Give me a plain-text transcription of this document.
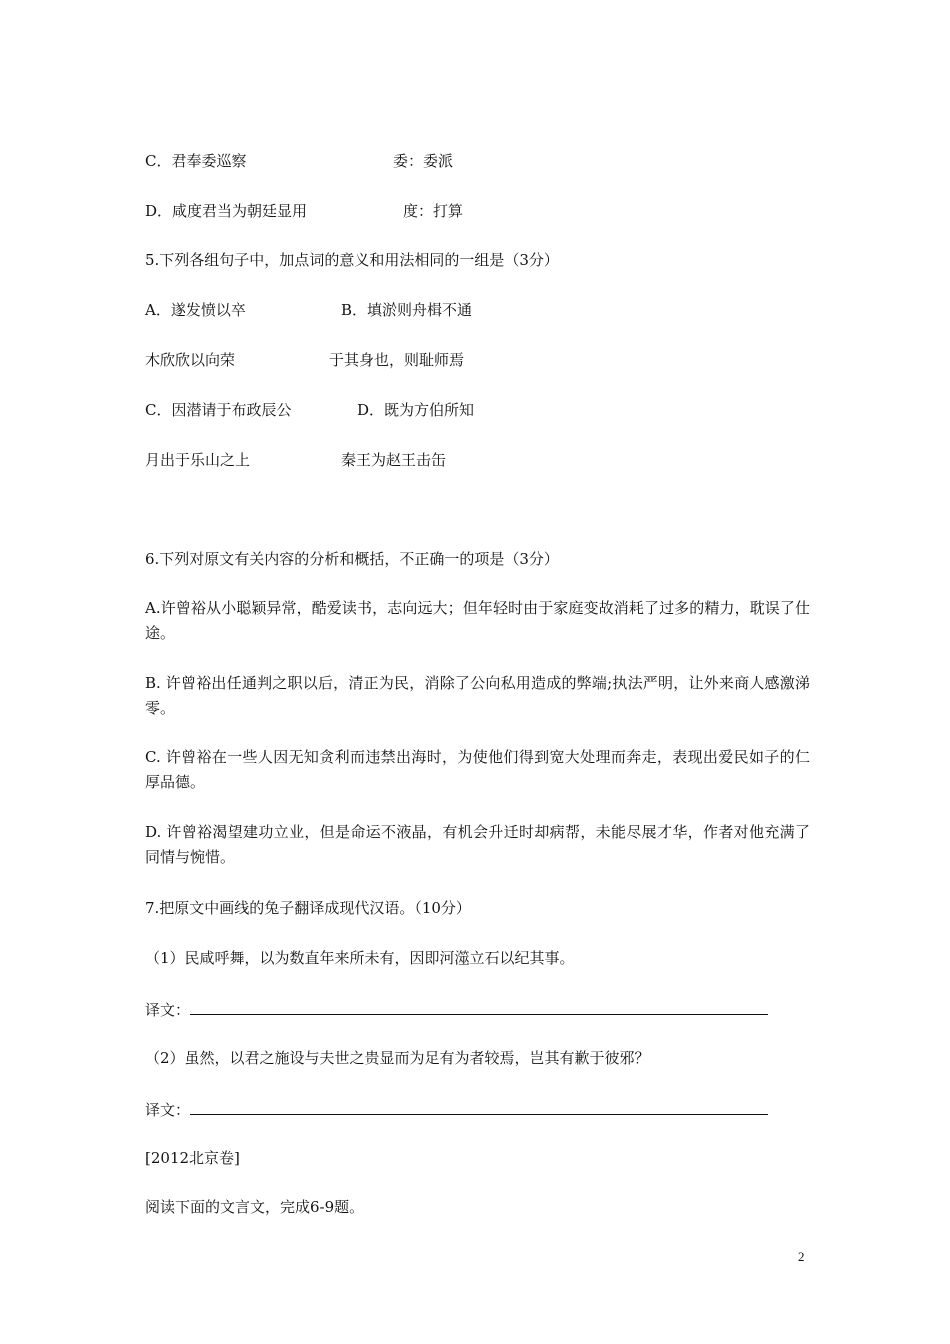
C．君奉委巡察	委：委派
D．咸度君当为朝廷显用	度：打算
5.下列各组句子中，加点词的意义和用法相同的一组是（3分）
A．遂发愤以卒	B．填淤则舟楫不通
木欣欣以向荣	于其身也，则耻师焉
C．因潜请于布政辰公	D．既为方伯所知
月出于乐山之上	秦王为赵王击缶
6.下列对原文有关内容的分析和概括，不正确一的项是（3分）
A.许曾裕从小聪颖异常，酷爱读书，志向远大；但年轻时由于家庭变故消耗了过多的精力，耽误了仕途。
B. 许曾裕出任通判之职以后，清正为民，消除了公向私用造成的弊端;执法严明，让外来商人感激涕零。
C. 许曾裕在一些人因无知贪利而违禁出海时，为使他们得到宽大处理而奔走，表现出爱民如子的仁厚品德。
D. 许曾裕渴望建功立业，但是命运不液晶，有机会升迁时却病帮，未能尽展才华，作者对他充满了同情与惋惜。
7.把原文中画线的兔子翻译成现代汉语。（10分）
（1）民咸呼舞，以为数直年来所未有，因即河澨立石以纪其事。
译文：
（2）虽然，以君之施设与夫世之贵显而为足有为者较焉，岂其有歉于彼邪？
译文：
[2012北京卷]
阅读下面的文言文，完成6-9题。
2
